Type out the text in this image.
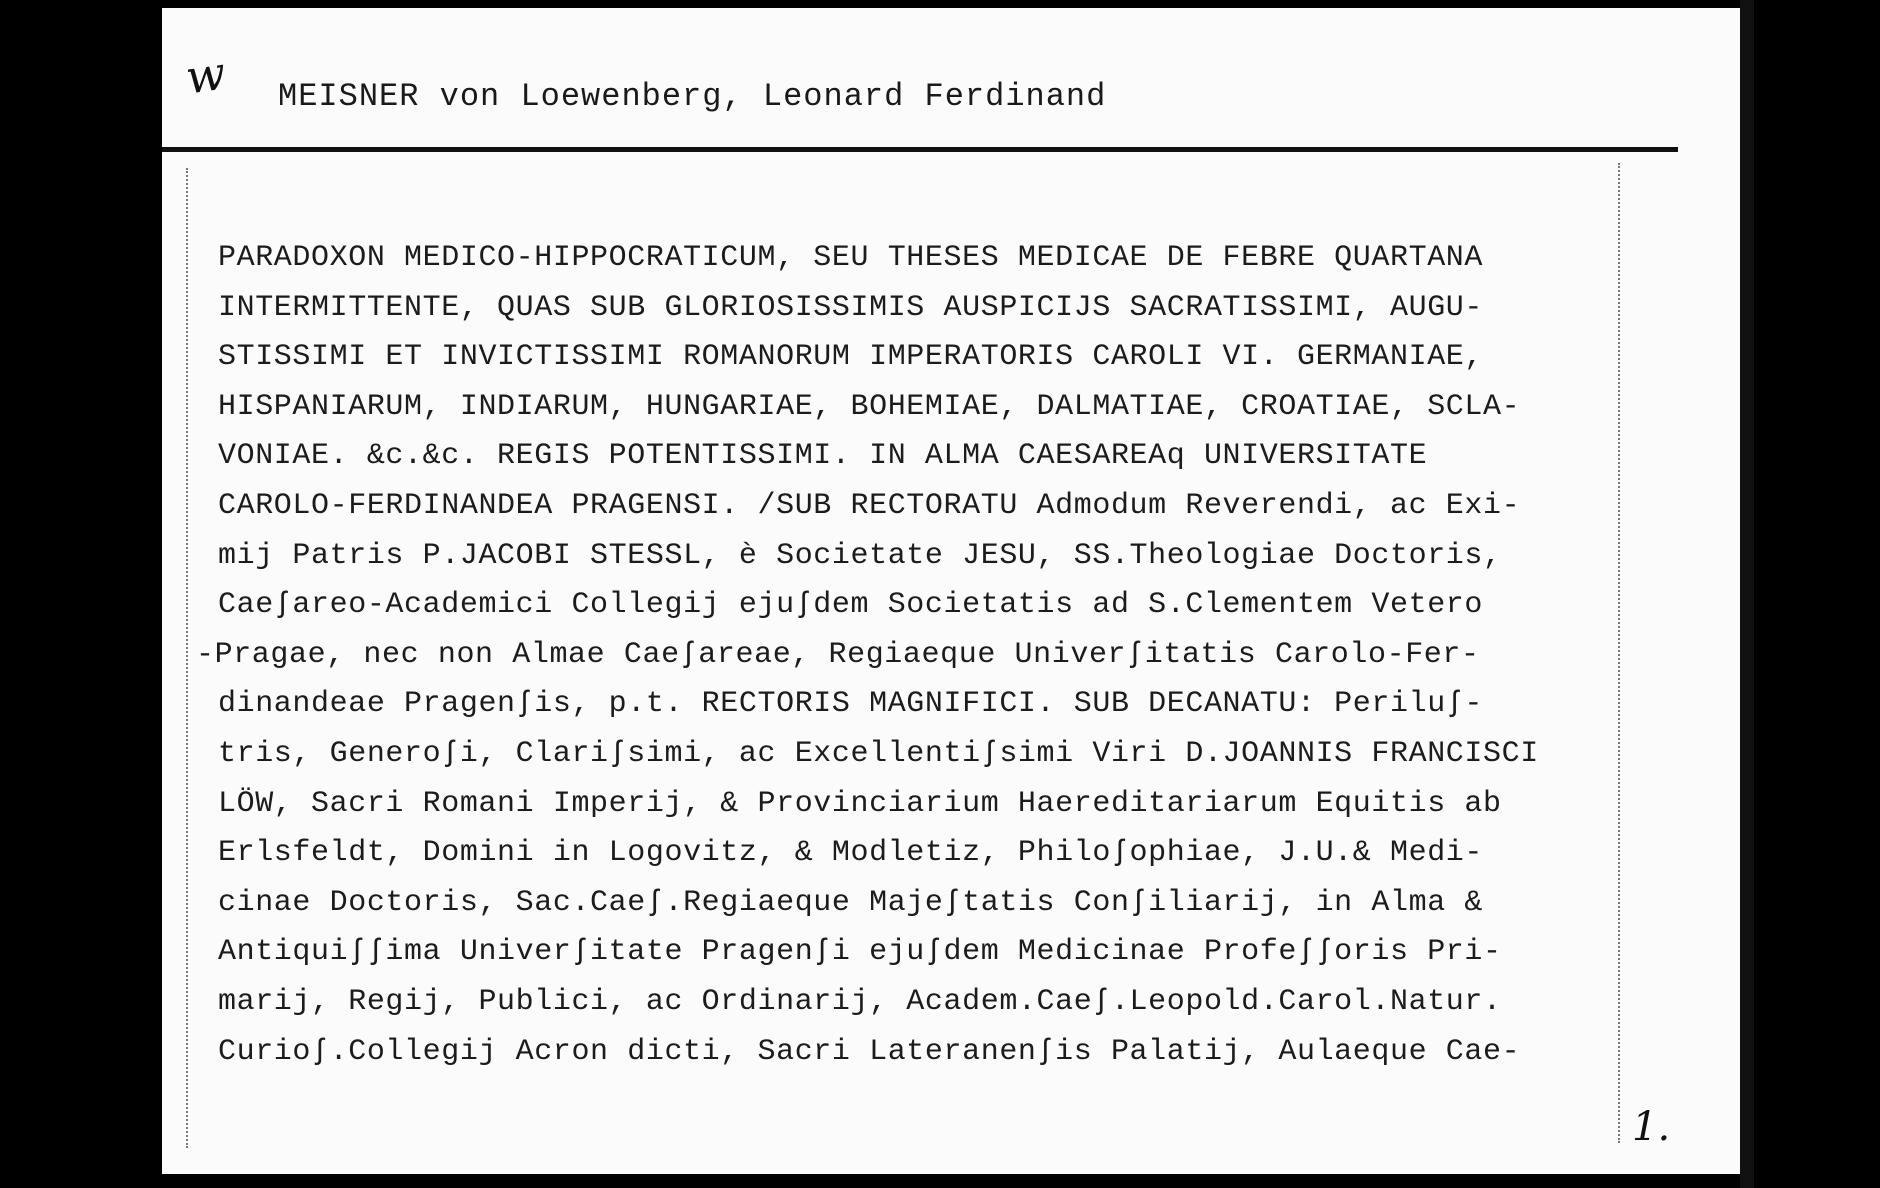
w MEISNER von Loewenberg, Leonard Ferdinand
PARADOXON MEDICO-HIPPOCRATICUM, SEU THESES MEDICAE DE FEBRE QUARTANA
INTERMITTENTE, QUAS SUB GLORIOSISSIMIS AUSPICIJS SACRATISSIMI, AUGU-
STISSIMI ET INVICTISSIMI ROMANORUM IMPERATORIS CAROLI VI. GERMANIAE,
HISPANIARUM, INDIARUM, HUNGARIAE, BOHEMIAE, DALMATIAE, CROATIAE, SCLA-
VONIAE. &c.&c. REGIS POTENTISSIMI. IN ALMA CAESAREAq UNIVERSITATE
CAROLO-FERDINANDEA PRAGENSI. /SUB RECTORATU Admodum Reverendi, ac Exi-
mij Patris P.JACOBI STESSL, è Societate JESU, SS.Theologiae Doctoris,
Caeʃareo-Academici Collegij ejuʃdem Societatis ad S.Clementem Vetero
-Pragae, nec non Almae Caeʃareae, Regiaeque Univerʃitatis Carolo-Fer-
dinandeae Pragenʃis, p.t. RECTORIS MAGNIFICI. SUB DECANATU: Periluʃ-
tris, Generoʃi, Clariʃsimi, ac Excellentiʃsimi Viri D.JOANNIS FRANCISCI
LÖW, Sacri Romani Imperij, & Provinciarium Haereditariarum Equitis ab
Erlsfeldt, Domini in Logovitz, & Modletiz, Philoʃophiae, J.U.& Medi-
cinae Doctoris, Sac.Caeʃ.Regiaeque Majeʃtatis Conʃiliarij, in Alma &
Antiquiʃʃima Univerʃitate Pragenʃi ejuʃdem Medicinae Profeʃʃoris Pri-
marij, Regij, Publici, ac Ordinarij, Academ.Caeʃ.Leopold.Carol.Natur.
Curioʃ.Collegij Acron dicti, Sacri Lateranenʃis Palatij, Aulaeque Cae-
1.
